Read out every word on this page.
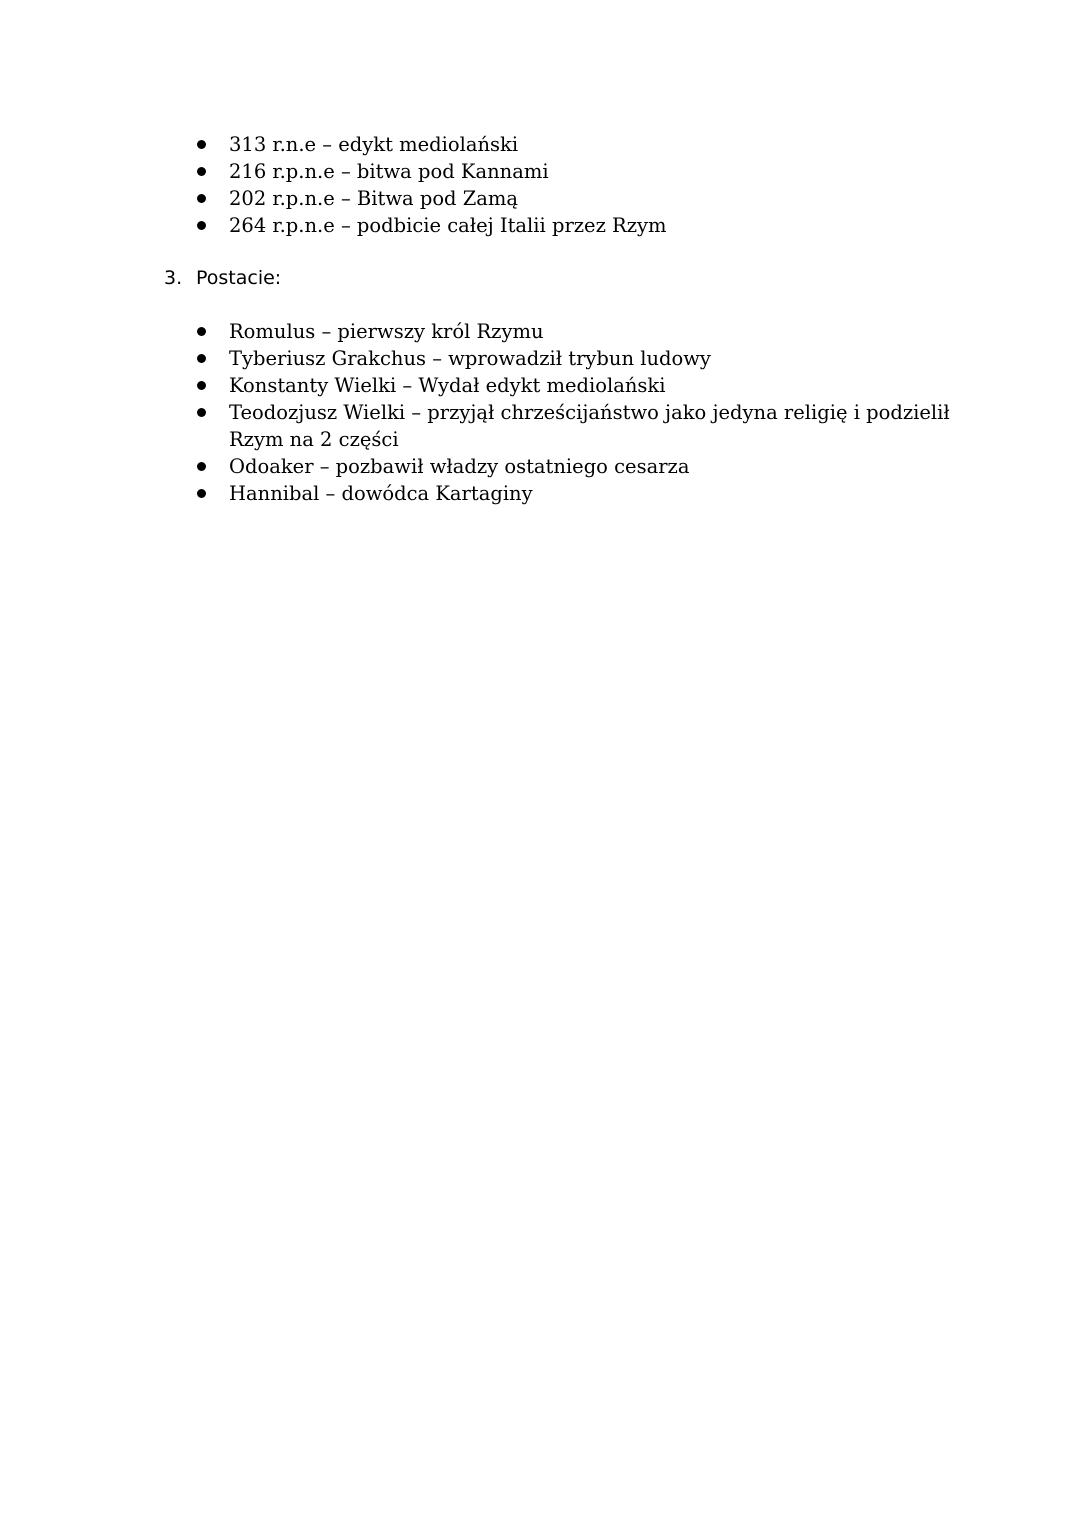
313 r.n.e – edykt mediolański
216 r.p.n.e – bitwa pod Kannami
202 r.p.n.e – Bitwa pod Zamą
264 r.p.n.e – podbicie całej Italii przez Rzym
3. Postacie:
Romulus – pierwszy król Rzymu
Tyberiusz Grakchus – wprowadził trybun ludowy
Konstanty Wielki – Wydał edykt mediolański
Teodozjusz Wielki – przyjął chrześcijaństwo jako jedyna religię i podzielił Rzym na 2 części
Odoaker – pozbawił władzy ostatniego cesarza
Hannibal – dowódca Kartaginy
